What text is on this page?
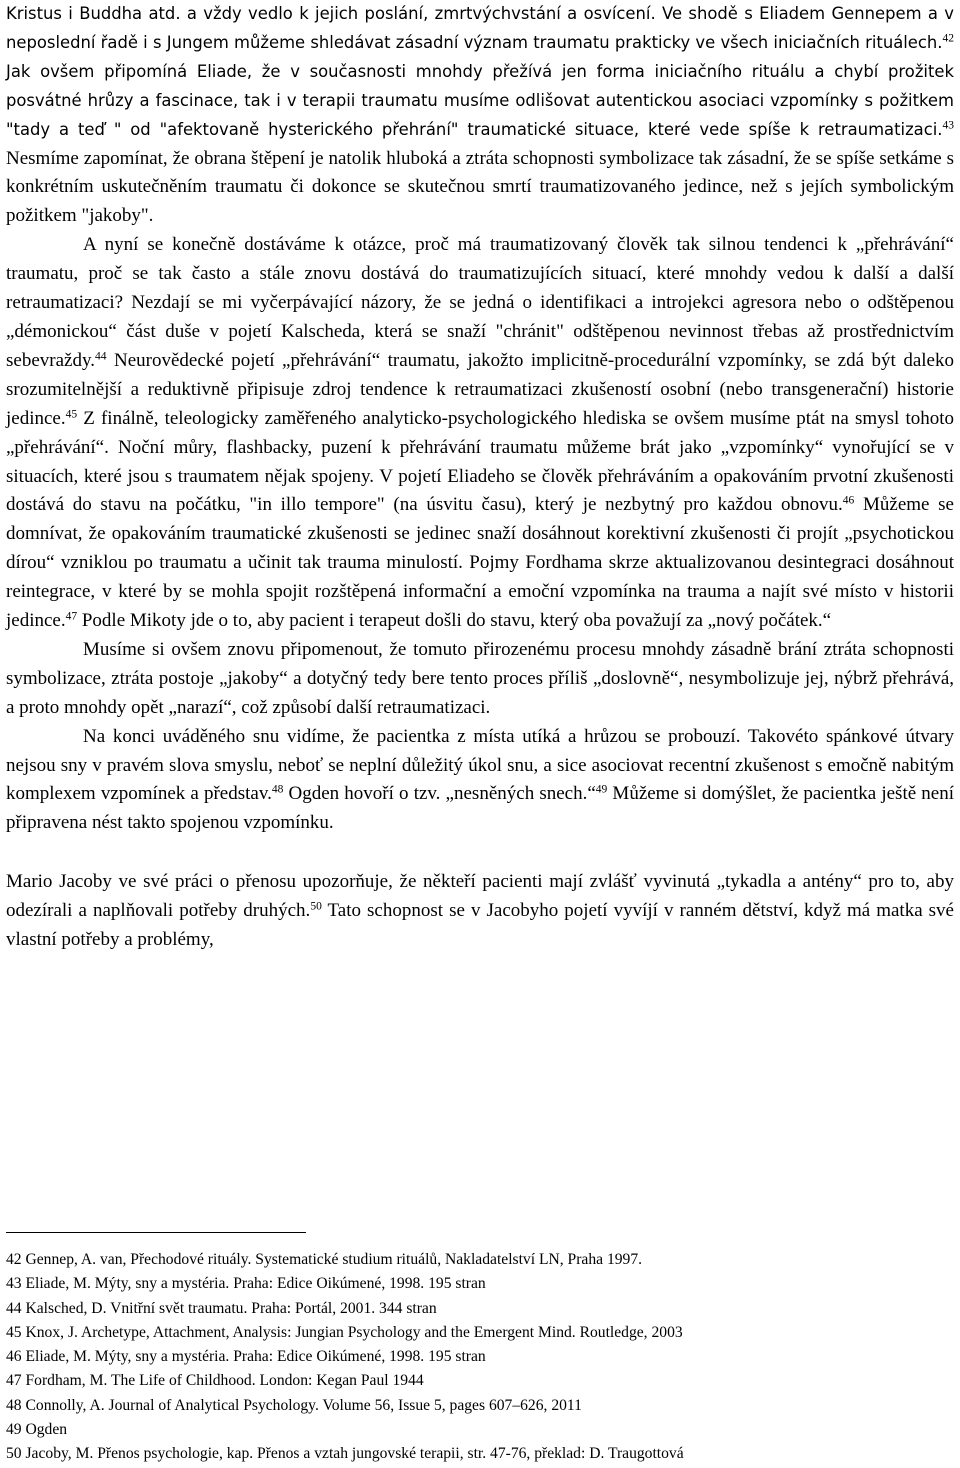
Kristus i Buddha atd. a vždy vedlo k jejich poslání, zmrtvýchvstání a osvícení. Ve shodě s Eliadem Gennepem a v neposlední řadě i s Jungem můžeme shledávat zásadní význam traumatu prakticky ve všech iniciačních rituálech.$^{42}$ Jak ovšem připomíná Eliade, že v současnosti mnohdy přežívá jen forma iniciačního rituálu a chybí prožitek posvátné hrůzy a fascinace, tak i v terapii traumatu musíme odlišovat autentickou asociaci vzpomínky s požitkem "tady a teď " od "afektovaně hysterického přehrání" traumatické situace, které vede spíše k retraumatizaci.$^{43}$ Nesmíme zapomínat, že obrana štěpení je natolik hluboká a ztráta schopnosti symbolizace tak zásadní, že se spíše setkáme s konkrétním uskutečněním traumatu či dokonce se skutečnou smrtí traumatizovaného jedince, než s jejích symbolickým požitkem "jakoby".

A nyní se konečně dostáváme k otázce, proč má traumatizovaný člověk tak silnou tendenci k „přehrávání“ traumatu, proč se tak často a stále znovu dostává do traumatizujících situací, které mnohdy vedou k další a další retraumatizaci? Nezdají se mi vyčerpávající názory, že se jedná o identifikaci a introjekci agresora nebo o odštěpenou „démonickou“ část duše v pojetí Kalscheda, která se snaží "chránit" odštěpenou nevinnost třebas až prostřednictvím sebevraždy.$^{44}$ Neurovědecké pojetí „přehrávání“ traumatu, jakožto implicitně-procedurální vzpomínky, se zdá být daleko srozumitelnější a reduktivně připisuje zdroj tendence k retraumatizaci zkušeností osobní (nebo transgenerační) historie jedince.$^{45}$ Z finálně, teleologicky zaměřeného analyticko-psychologického hlediska se ovšem musíme ptát na smysl tohoto „přehrávání“. Noční můry, flashbacky, puzení k přehrávání traumatu můžeme brát jako „vzpomínky“ vynořující se v situacích, které jsou s traumatem nějak spojeny. V pojetí Eliadeho se člověk přehráváním a opakováním prvotní zkušenosti dostává do stavu na počátku, "in illo tempore" (na úsvitu času), který je nezbytný pro každou obnovu.$^{46}$ Můžeme se domnívat, že opakováním traumatické zkušenosti se jedinec snaží dosáhnout korektivní zkušenosti či projít „psychotickou dírou“ vzniklou po traumatu a učinit tak trauma minulostí. Pojmy Fordhama skrze aktualizovanou desintegraci dosáhnout reintegrace, v které by se mohla spojit rozštěpená informační a emoční vzpomínka na trauma a najít své místo v historii jedince.$^{47}$ Podle Mikoty jde o to, aby pacient i terapeut došli do stavu, který oba považují za „nový počátek.“

Musíme si ovšem znovu připomenout, že tomuto přirozenému procesu mnohdy zásadně brání ztráta schopnosti symbolizace, ztráta postoje „jakoby“ a dotyčný tedy bere tento proces příliš „doslovně“, nesymbolizuje jej, nýbrž přehrává, a proto mnohdy opět „narazí“, což způsobí další retraumatizaci.

Na konci uváděného snu vidíme, že pacientka z místa utíká a hrůzou se probouzí. Takovéto spánkové útvary nejsou sny v pravém slova smyslu, neboť se neplní důležitý úkol snu, a sice asociovat recentní zkušenost s emočně nabitým komplexem vzpomínek a představ.$^{48}$ Ogden hovoří o tzv. „nesněných snech.“$^{49}$ Můžeme si domýšlet, že pacientka ještě není připravena nést takto spojenou vzpomínku.

Mario Jacoby ve své práci o přenosu upozorňuje, že někteří pacienti mají zvlášť vyvinutá „tykadla a antény“ pro to, aby odezírali a naplňovali potřeby druhých.$^{50}$ Tato schopnost se v Jacobyho pojetí vyvíjí v ranném dětství, když má matka své vlastní potřeby a problémy,

42 Gennep, A. van, Přechodové rituály. Systematické studium rituálů, Nakladatelství LN, Praha 1997.
43 Eliade, M. Mýty, sny a mystéria. Praha: Edice Oikúmené, 1998. 195 stran
44 Kalsched, D. Vnitřní svět traumatu. Praha: Portál, 2001. 344 stran
45 Knox, J. Archetype, Attachment, Analysis: Jungian Psychology and the Emergent Mind. Routledge, 2003
46 Eliade, M. Mýty, sny a mystéria. Praha: Edice Oikúmené, 1998. 195 stran
47 Fordham, M. The Life of Childhood. London: Kegan Paul 1944
48 Connolly, A. Journal of Analytical Psychology. Volume 56, Issue 5, pages 607–626, 2011
49 Ogden
50 Jacoby, M. Přenos psychologie, kap. Přenos a vztah jungovské terapii, str. 47-76, překlad: D. Traugottová
